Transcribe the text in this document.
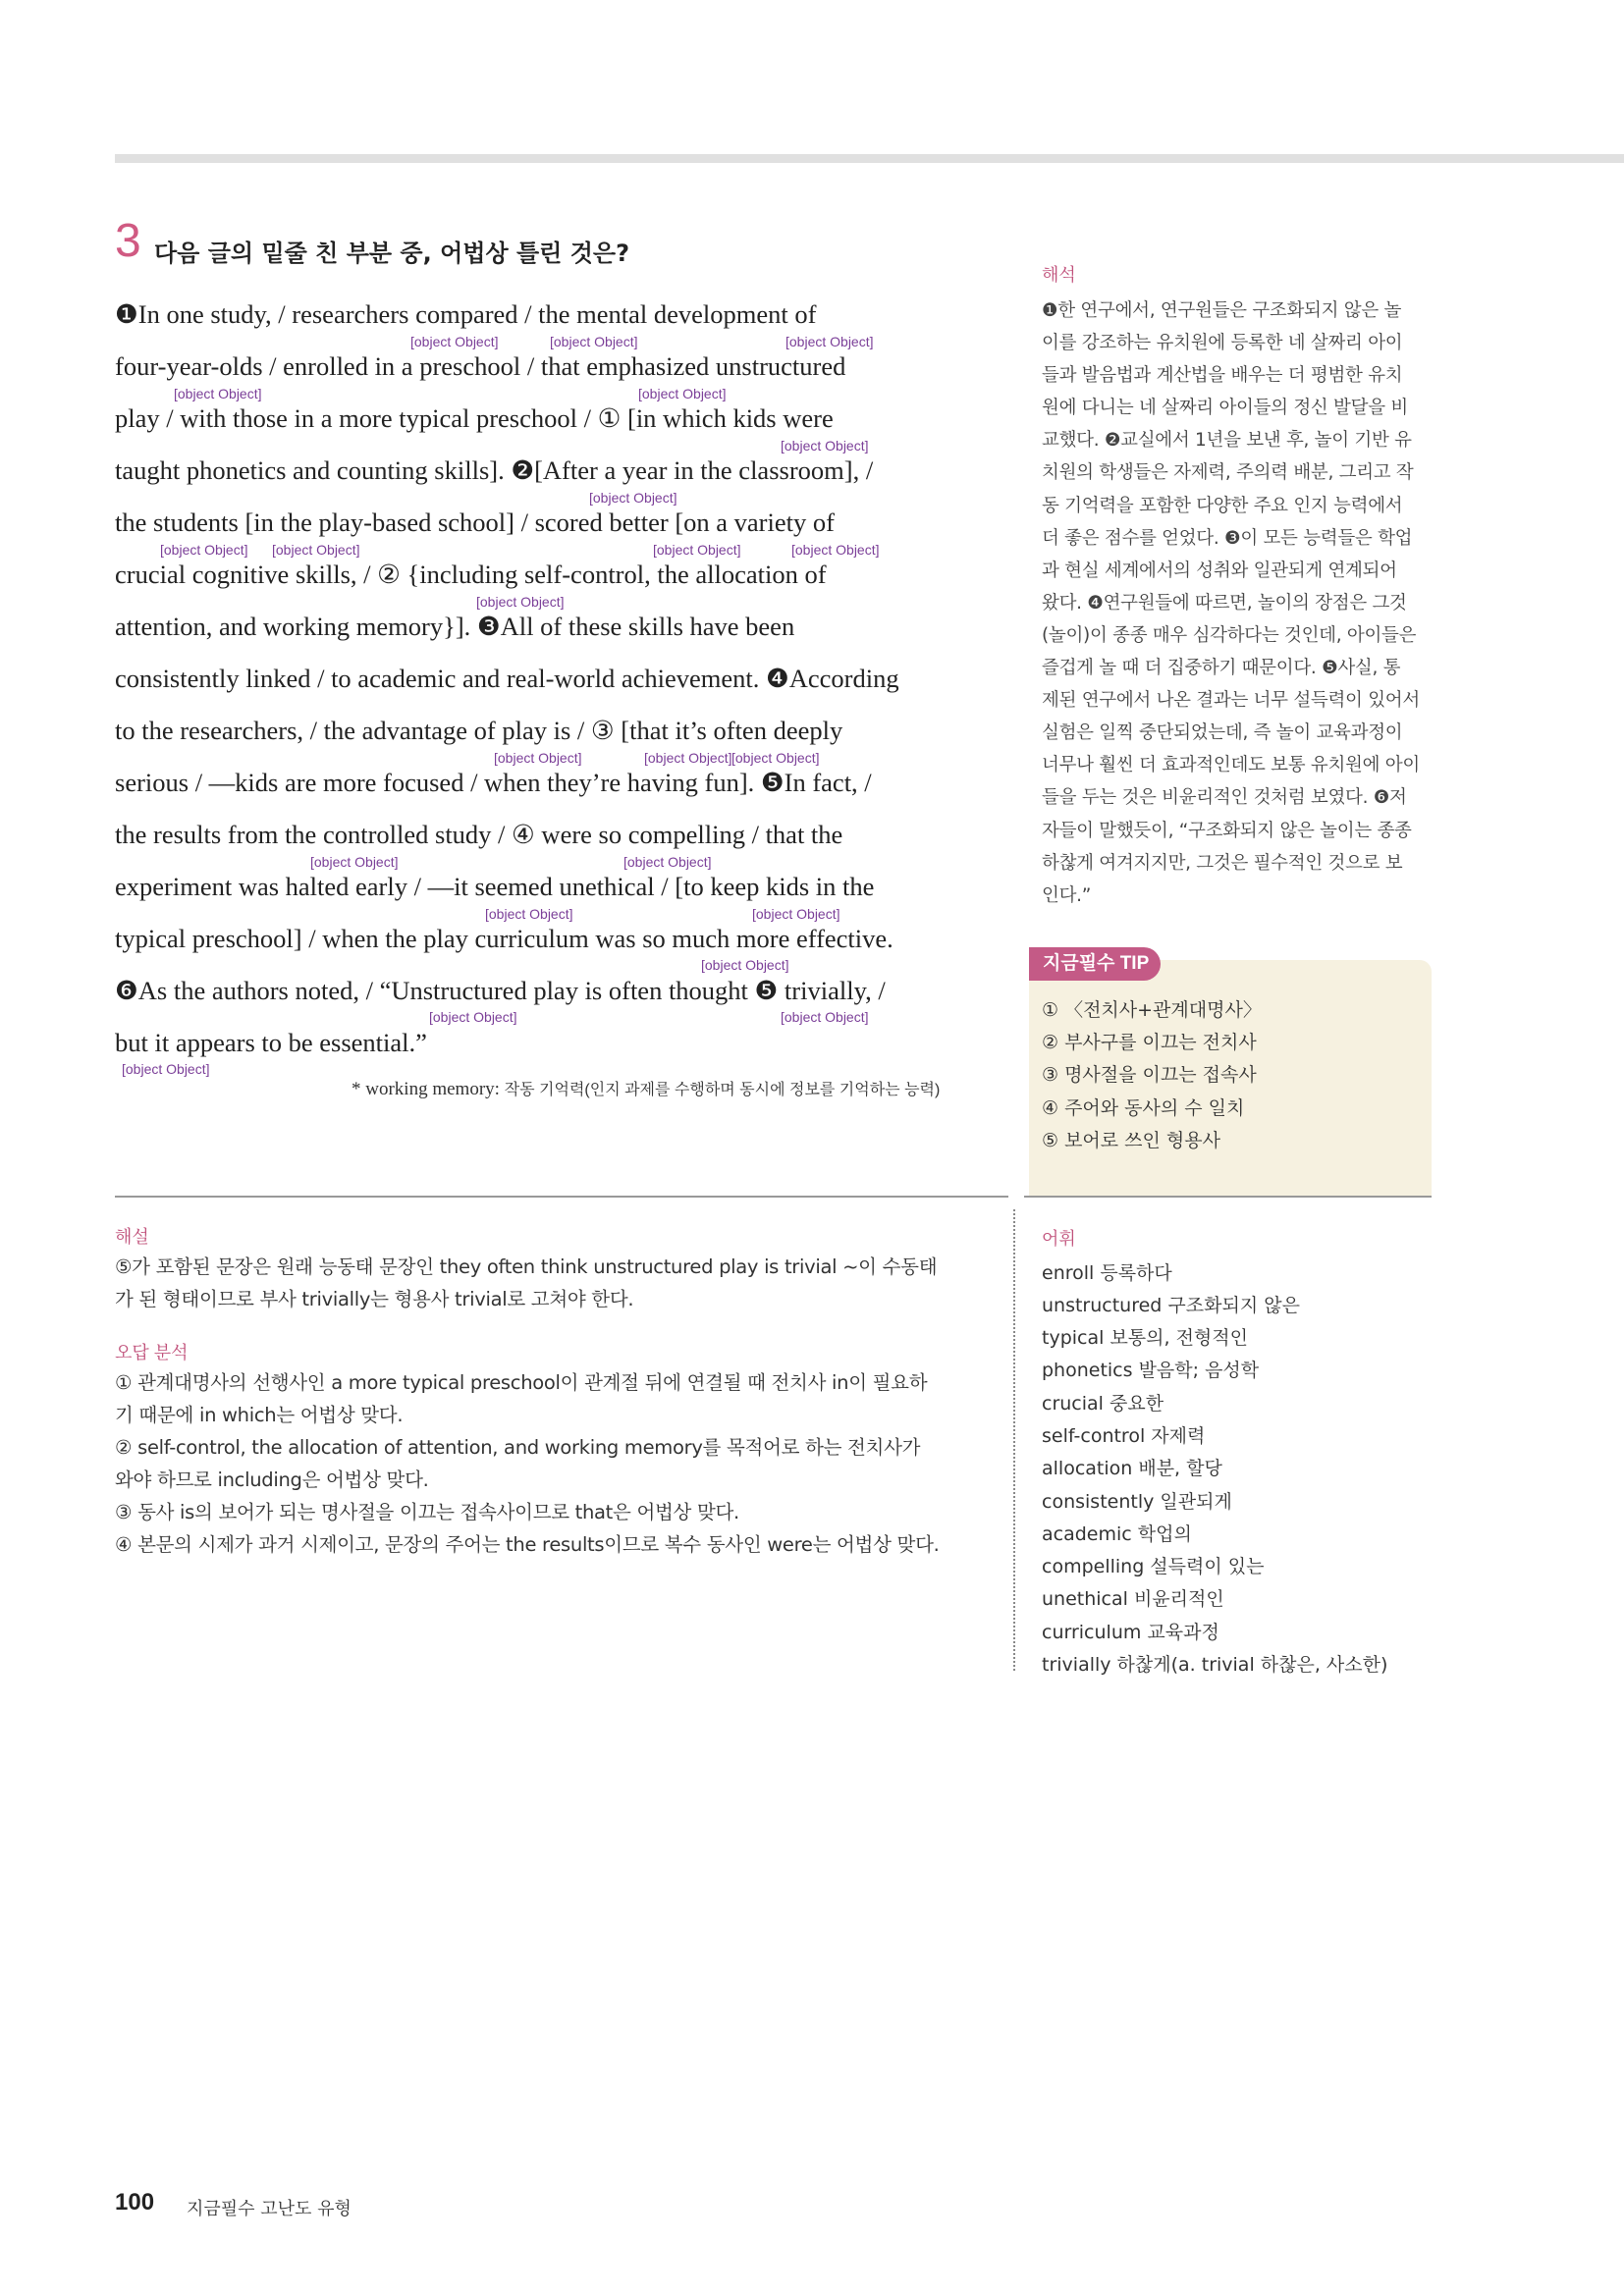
3 다음 글의 밑줄 친 부분 중, 어법상 틀린 것은?
❶In one study, / researchers compared / the mental development of
four-year-olds / enrolled in a preschool / that emphasized unstructured
play / with those in a more typical preschool / ① [in which kids were
taught phonetics and counting skills]. ❷[After a year in the classroom], /
the students [in the play-based school] / scored better [on a variety of
crucial cognitive skills, / ② {including self-control, the allocation of
attention, and working memory}]. ❸All of these skills have been
consistently linked / to academic and real-world achievement. ❹According
to the researchers, / the advantage of play is / ③ [that it’s often deeply
serious / —kids are more focused / when they’re having fun]. ❺In fact, /
the results from the controlled study / ④ were so compelling / that the
experiment was halted early / —it seemed unethical / [to keep kids in the
typical preschool] / when the play curriculum was so much more effective.
❻As the authors noted, / “Unstructured play is often thought ❺ trivially, /
but it appears to be essential.”
[object Object]	[object Object]	[object Object]
[object Object]	[object Object]
[object Object]
[object Object]
[object Object] [object Object]	[object Object]	[object Object]
[object Object]
[object Object]	[object Object] [object Object]
[object Object]	[object Object]
[object Object]	[object Object]
[object Object]
[object Object]	[object Object]
[object Object]
* working memory: 작동 기억력(인지 과제를 수행하며 동시에 정보를 기억하는 능력)
해석
❶한 연구에서, 연구원들은 구조화되지 않은 놀
이를 강조하는 유치원에 등록한 네 살짜리 아이
들과 발음법과 계산법을 배우는 더 평범한 유치
원에 다니는 네 살짜리 아이들의 정신 발달을 비
교했다. ❷교실에서 1년을 보낸 후, 놀이 기반 유
치원의 학생들은 자제력, 주의력 배분, 그리고 작
동 기억력을 포함한 다양한 주요 인지 능력에서
더 좋은 점수를 얻었다. ❸이 모든 능력들은 학업
과 현실 세계에서의 성취와 일관되게 연계되어
왔다. ❹연구원들에 따르면, 놀이의 장점은 그것
(놀이)이 종종 매우 심각하다는 것인데, 아이들은
즐겁게 놀 때 더 집중하기 때문이다. ❺사실, 통
제된 연구에서 나온 결과는 너무 설득력이 있어서
실험은 일찍 중단되었는데, 즉 놀이 교육과정이
너무나 훨씬 더 효과적인데도 보통 유치원에 아이
들을 두는 것은 비윤리적인 것처럼 보였다. ❻저
자들이 말했듯이, “구조화되지 않은 놀이는 종종
하찮게 여겨지지만, 그것은 필수적인 것으로 보
인다.”
지금필수 TIP
① 〈전치사+관계대명사〉
② 부사구를 이끄는 전치사
③ 명사절을 이끄는 접속사
④ 주어와 동사의 수 일치
⑤ 보어로 쓰인 형용사
해설
⑤가 포함된 문장은 원래 능동태 문장인 they often think unstructured play is trivial ~이 수동태
가 된 형태이므로 부사 trivially는 형용사 trivial로 고쳐야 한다.
오답 분석
① 관계대명사의 선행사인 a more typical preschool이 관계절 뒤에 연결될 때 전치사 in이 필요하
기 때문에 in which는 어법상 맞다.
② self-control, the allocation of attention, and working memory를 목적어로 하는 전치사가
와야 하므로 including은 어법상 맞다.
③ 동사 is의 보어가 되는 명사절을 이끄는 접속사이므로 that은 어법상 맞다.
④ 본문의 시제가 과거 시제이고, 문장의 주어는 the results이므로 복수 동사인 were는 어법상 맞다.
어휘
enroll 등록하다
unstructured 구조화되지 않은
typical 보통의, 전형적인
phonetics 발음학; 음성학
crucial 중요한
self-control 자제력
allocation 배분, 할당
consistently 일관되게
academic 학업의
compelling 설득력이 있는
unethical 비윤리적인
curriculum 교육과정
trivially 하찮게(a. trivial 하찮은, 사소한)
100 지금필수 고난도 유형
